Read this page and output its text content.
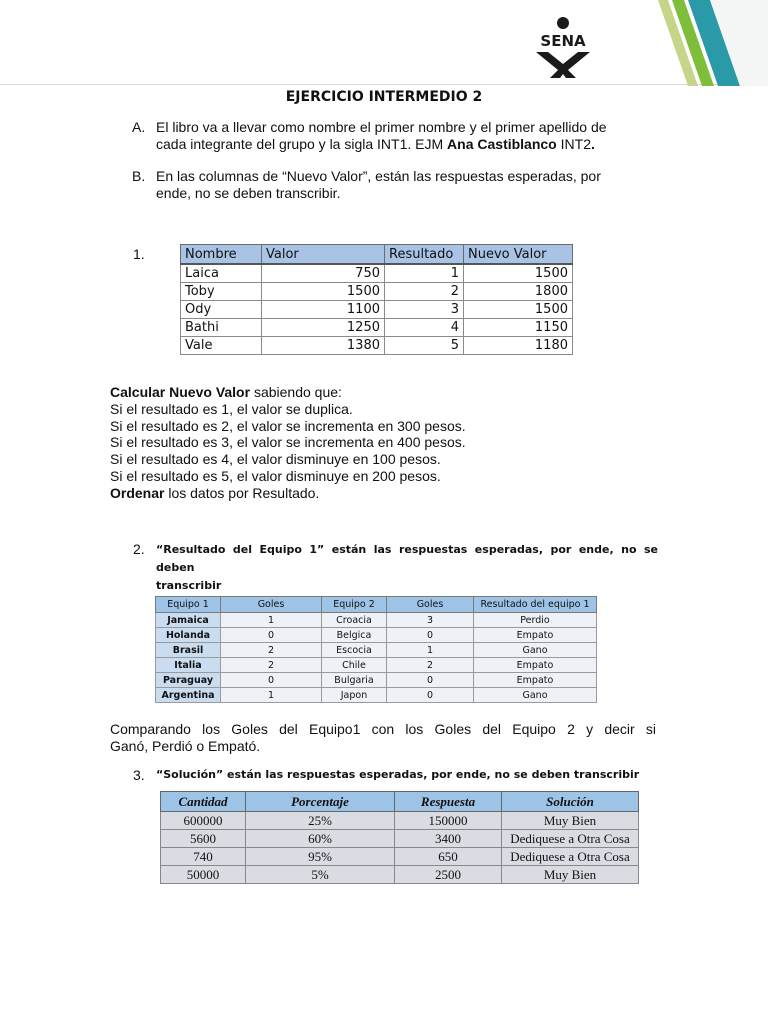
SENA
EJERCICIO INTERMEDIO 2
A. El libro va a llevar como nombre el primer nombre y el primer apellido de
cada integrante del grupo y la sigla INT1. EJM Ana Castiblanco INT2.
B. En las columnas de “Nuevo Valor”, están las respuestas esperadas, por
ende, no se deben transcribir.
1.	Nombre	Valor	Resultado	Nuevo Valor
Laica	750	1	1500
Toby	1500	2	1800
Ody	1100	3	1500
Bathi	1250	4	1150
Vale	1380	5	1180
Calcular Nuevo Valor sabiendo que:
Si el resultado es 1, el valor se duplica.
Si el resultado es 2, el valor se incrementa en 300 pesos.
Si el resultado es 3, el valor se incrementa en 400 pesos.
Si el resultado es 4, el valor disminuye en 100 pesos.
Si el resultado es 5, el valor disminuye en 200 pesos.
Ordenar los datos por Resultado.
2. “Resultado del Equipo 1” están las respuestas esperadas, por ende, no se deben
transcribir
Equipo 1	Goles	Equipo 2	Goles	Resultado del equipo 1
Jamaica	1	Croacia	3	Perdio
Holanda	0	Belgica	0	Empato
Brasil	2	Escocia	1	Gano
Italia	2	Chile	2	Empato
Paraguay	0	Bulgaria	0	Empato
Argentina	1	Japon	0	Gano
Comparando los Goles del Equipo1 con los Goles del Equipo 2 y decir si
Ganó, Perdió o Empató.
3. “Solución” están las respuestas esperadas, por ende, no se deben transcribir
Cantidad	Porcentaje	Respuesta	Solución
600000	25%	150000	Muy Bien
5600	60%	3400	Dediquese a Otra Cosa
740	95%	650	Dediquese a Otra Cosa
50000	5%	2500	Muy Bien
